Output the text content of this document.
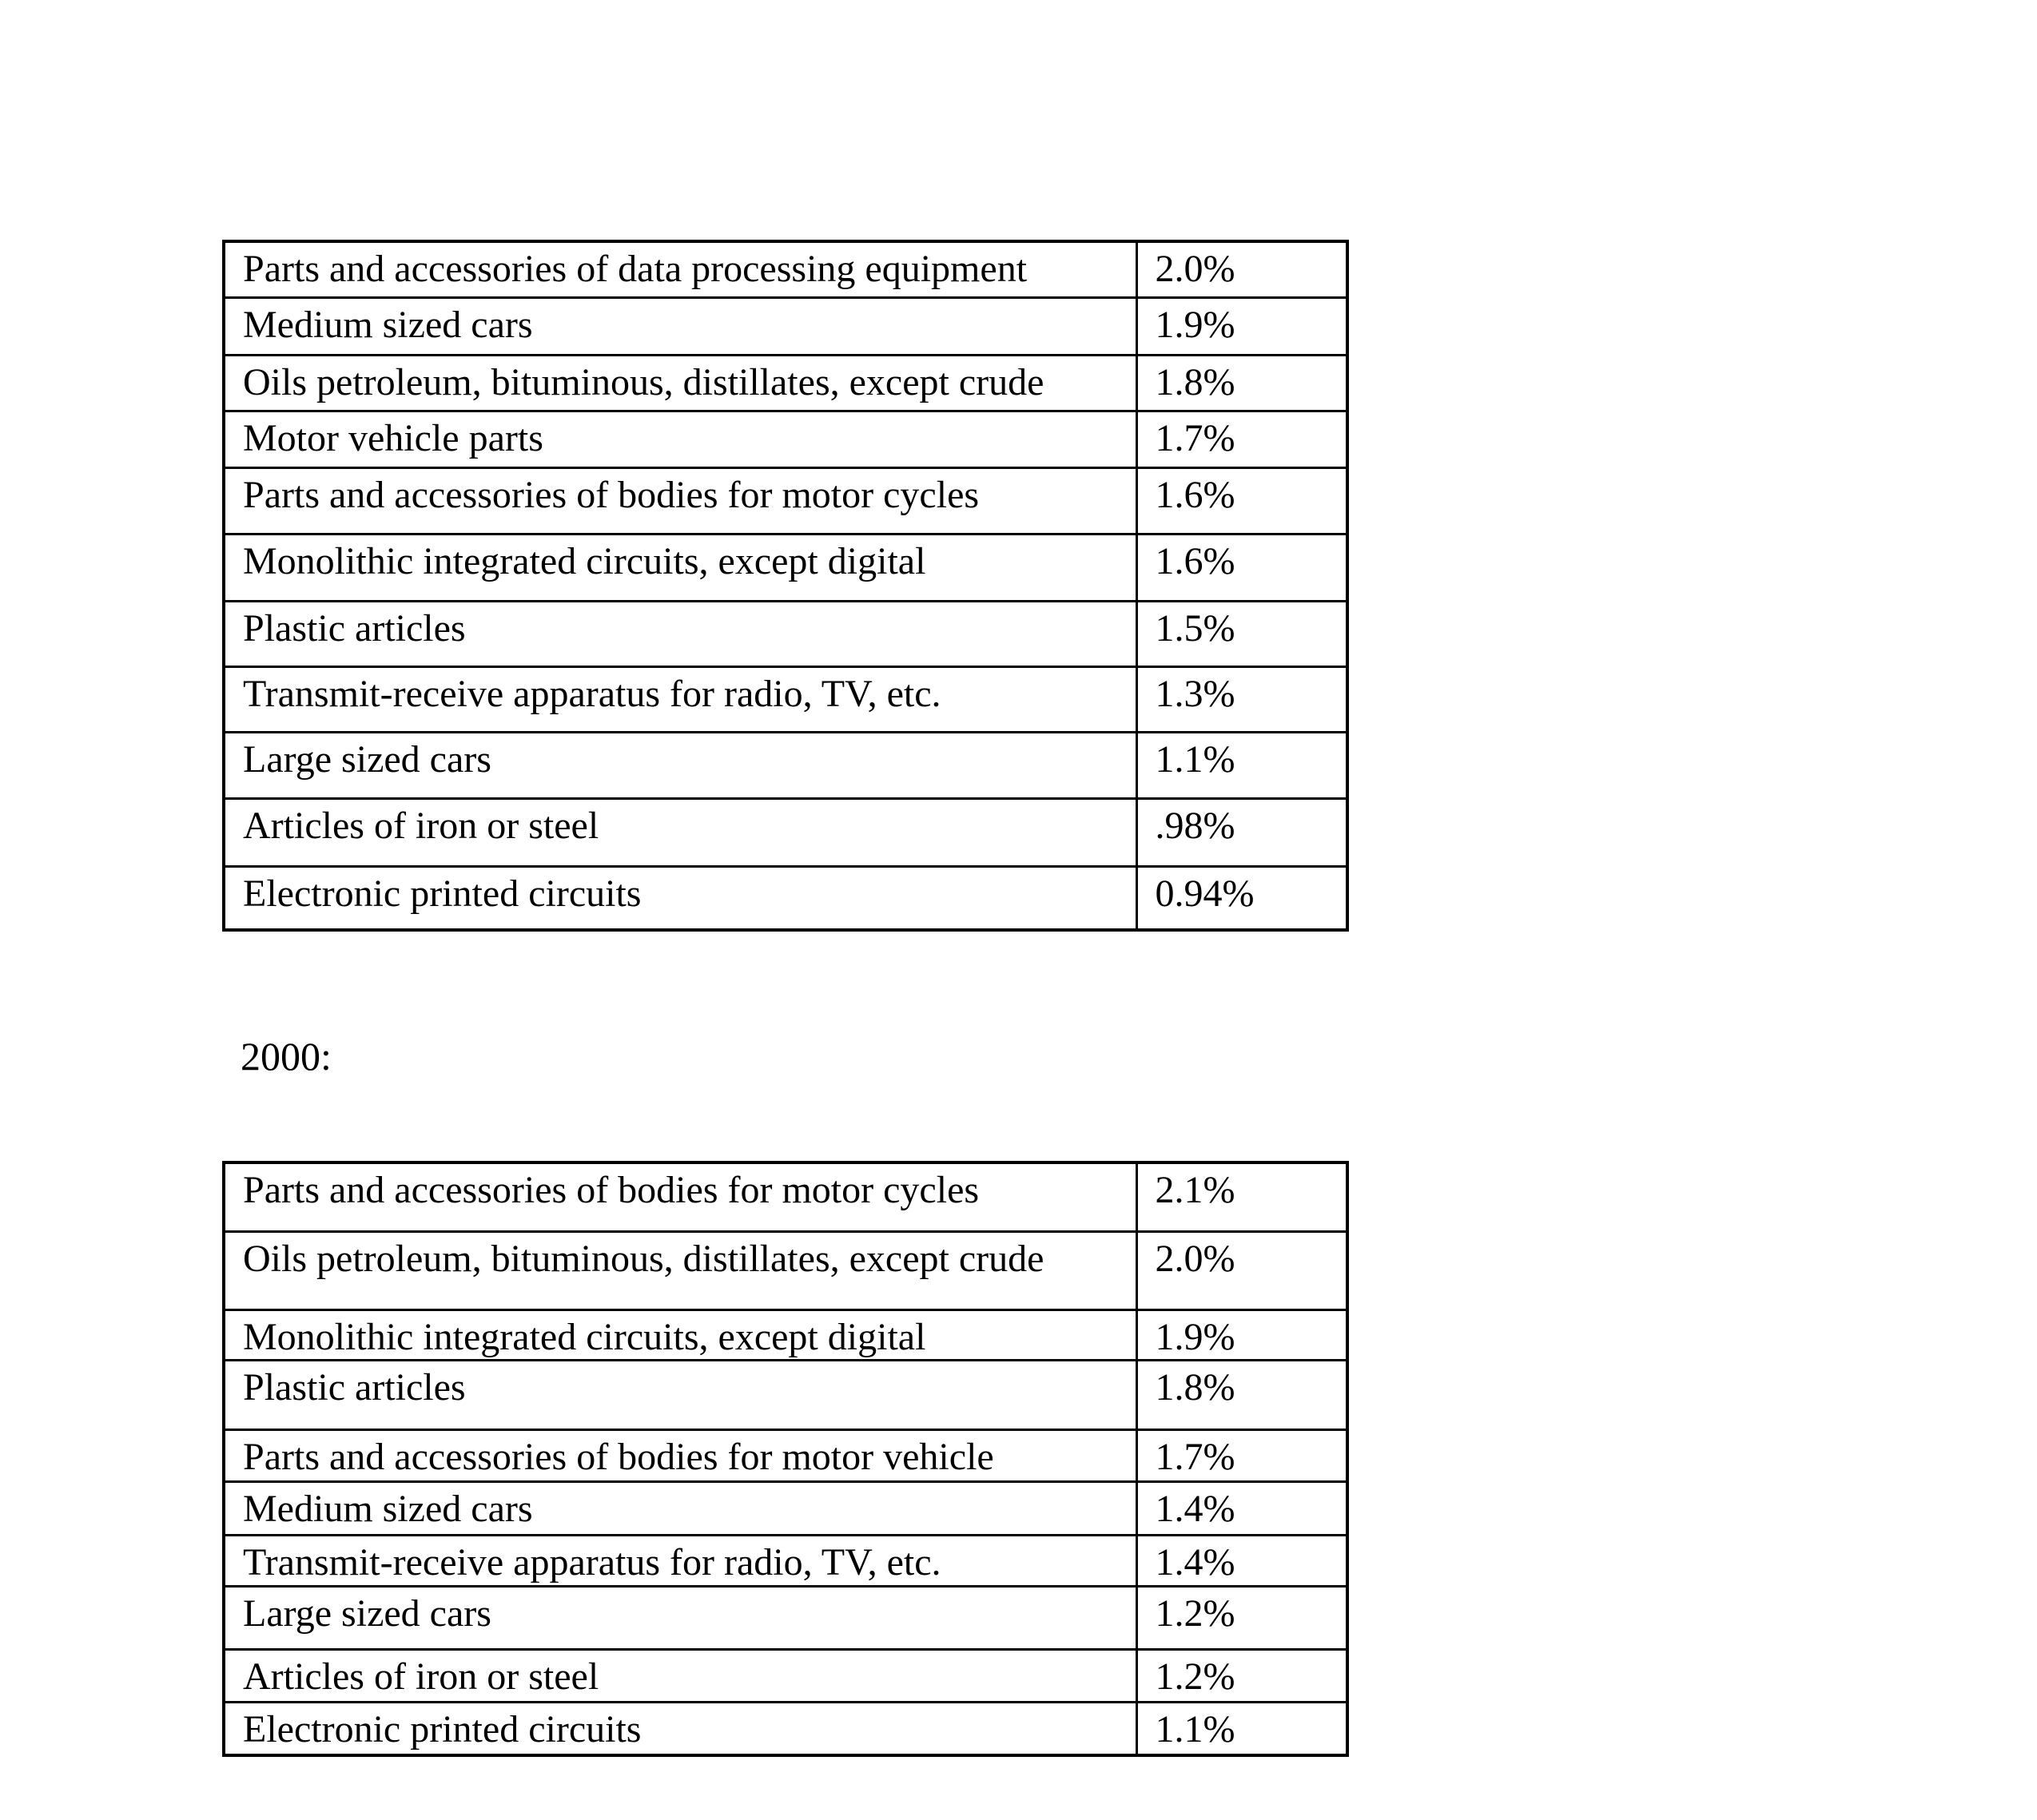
Parts and accessories of data processing equipment	2.0%
Medium sized cars	1.9%
Oils petroleum, bituminous, distillates, except crude	1.8%
Motor vehicle parts	1.7%
Parts and accessories of bodies for motor cycles	1.6%
Monolithic integrated circuits, except digital	1.6%
Plastic articles	1.5%
Transmit-receive apparatus for radio, TV, etc.	1.3%
Large sized cars	1.1%
Articles of iron or steel	.98%
Electronic printed circuits	0.94%
2000:
Parts and accessories of bodies for motor cycles	2.1%
Oils petroleum, bituminous, distillates, except crude	2.0%
Monolithic integrated circuits, except digital	1.9%
Plastic articles	1.8%
Parts and accessories of bodies for motor vehicle	1.7%
Medium sized cars	1.4%
Transmit-receive apparatus for radio, TV, etc.	1.4%
Large sized cars	1.2%
Articles of iron or steel	1.2%
Electronic printed circuits	1.1%
